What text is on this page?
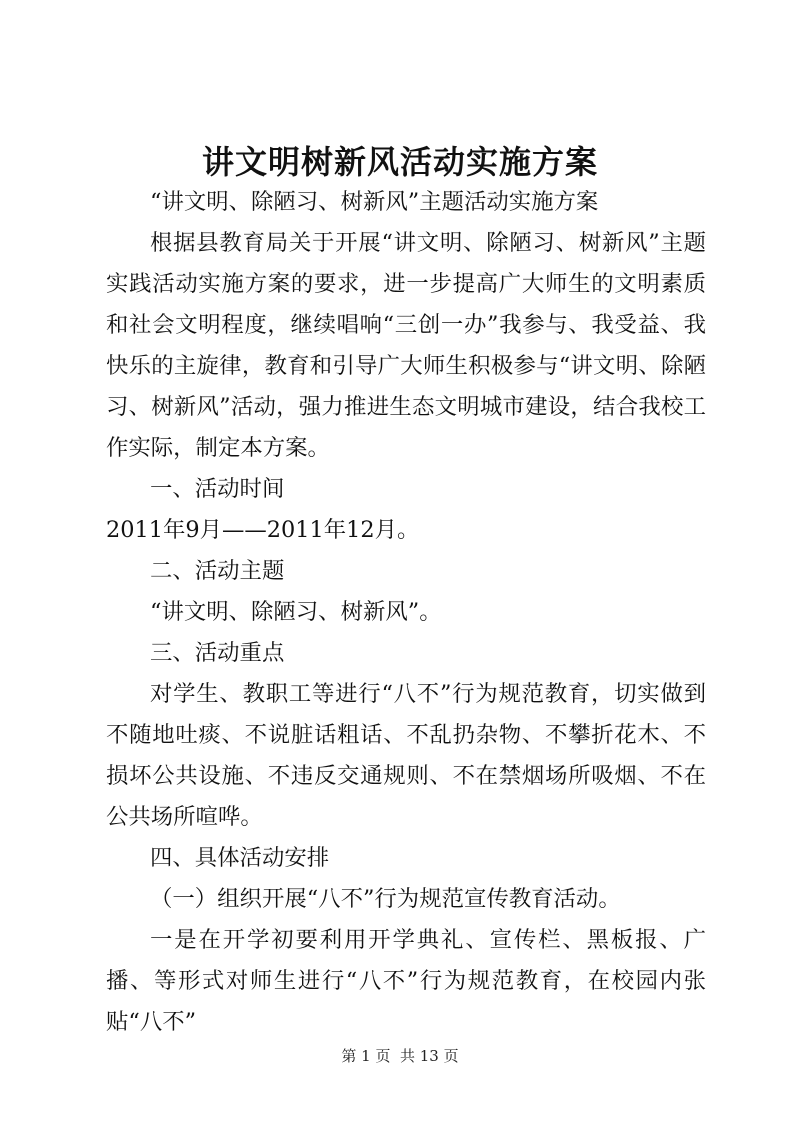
讲文明树新风活动实施方案

“讲文明、除陋习、树新风”主题活动实施方案

根据县教育局关于开展“讲文明、除陋习、树新风”主题实践活动实施方案的要求，进一步提高广大师生的文明素质和社会文明程度，继续唱响“三创一办”我参与、我受益、我快乐的主旋律，教育和引导广大师生积极参与“讲文明、除陋习、树新风”活动，强力推进生态文明城市建设，结合我校工作实际，制定本方案。

一、活动时间

2011年9月——2011年12月。

二、活动主题

“讲文明、除陋习、树新风”。

三、活动重点

对学生、教职工等进行“八不”行为规范教育，切实做到不随地吐痰、不说脏话粗话、不乱扔杂物、不攀折花木、不损坏公共设施、不违反交通规则、不在禁烟场所吸烟、不在公共场所喧哗。

四、具体活动安排

（一）组织开展“八不”行为规范宣传教育活动。

一是在开学初要利用开学典礼、宣传栏、黑板报、广播、等形式对师生进行“八不”行为规范教育，在校园内张贴“八不”

第 1 页  共 13 页
